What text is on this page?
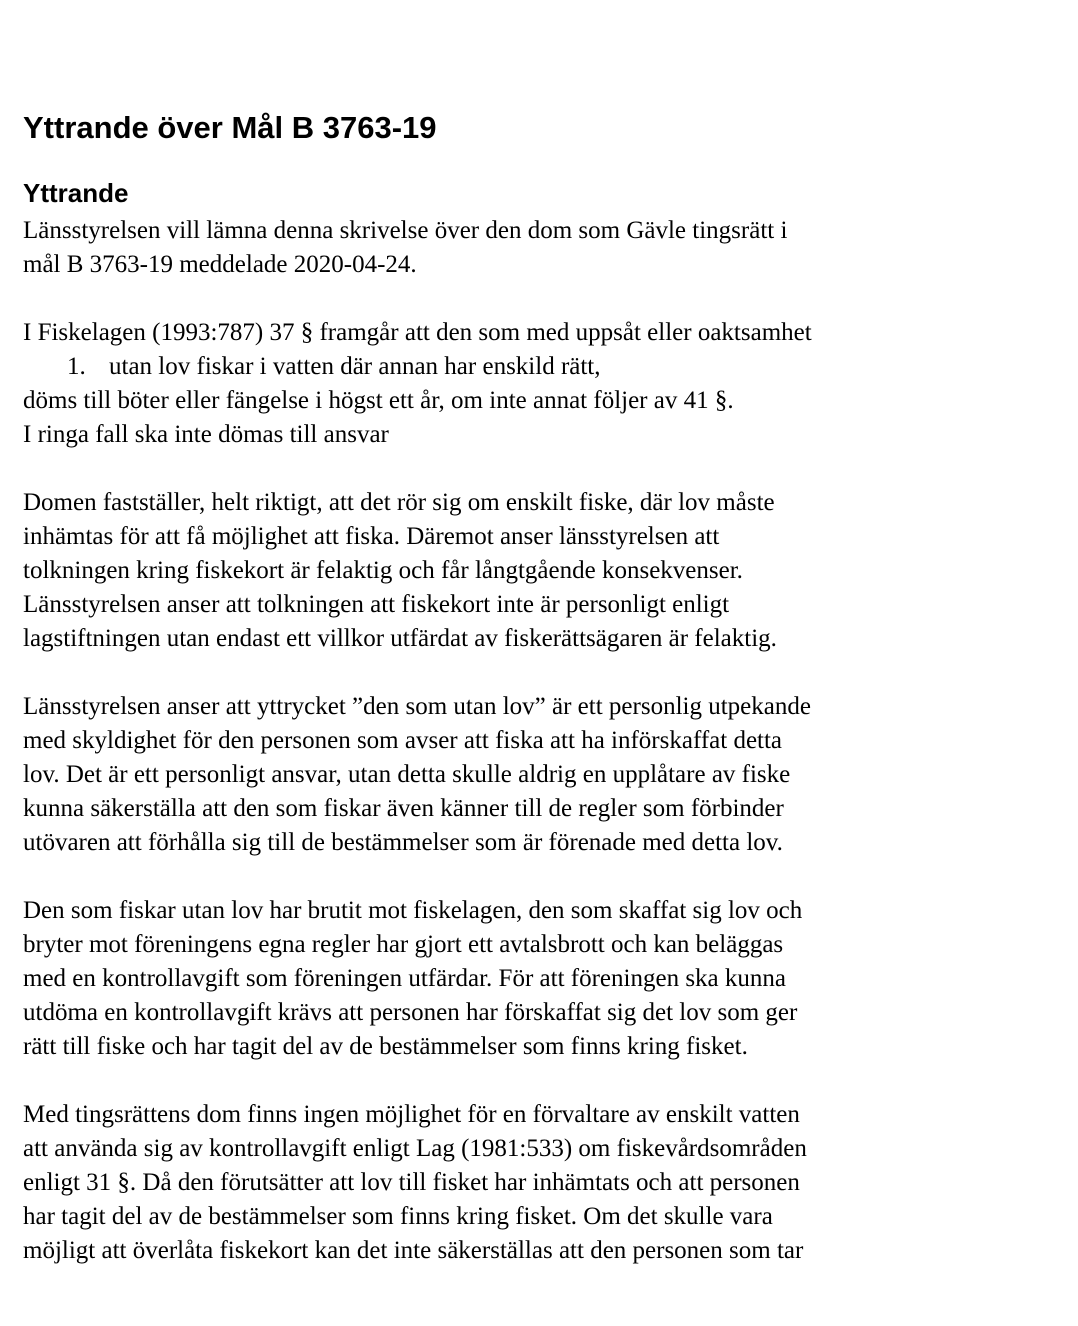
Yttrande över Mål B 3763-19
Yttrande

Länsstyrelsen vill lämna denna skrivelse över den dom som Gävle tingsrätt i
mål B 3763-19 meddelade 2020-04-24.

I Fiskelagen (1993:787) 37 § framgår att den som med uppsåt eller oaktsamhet
1. utan lov fiskar i vatten där annan har enskild rätt,
döms till böter eller fängelse i högst ett år, om inte annat följer av 41 §.
I ringa fall ska inte dömas till ansvar

Domen fastställer, helt riktigt, att det rör sig om enskilt fiske, där lov måste
inhämtas för att få möjlighet att fiska. Däremot anser länsstyrelsen att
tolkningen kring fiskekort är felaktig och får långtgående konsekvenser.
Länsstyrelsen anser att tolkningen att fiskekort inte är personligt enligt
lagstiftningen utan endast ett villkor utfärdat av fiskerättsägaren är felaktig.

Länsstyrelsen anser att yttrycket ”den som utan lov” är ett personlig utpekande
med skyldighet för den personen som avser att fiska att ha införskaffat detta
lov. Det är ett personligt ansvar, utan detta skulle aldrig en upplåtare av fiske
kunna säkerställa att den som fiskar även känner till de regler som förbinder
utövaren att förhålla sig till de bestämmelser som är förenade med detta lov.

Den som fiskar utan lov har brutit mot fiskelagen, den som skaffat sig lov och
bryter mot föreningens egna regler har gjort ett avtalsbrott och kan beläggas
med en kontrollavgift som föreningen utfärdar. För att föreningen ska kunna
utdöma en kontrollavgift krävs att personen har förskaffat sig det lov som ger
rätt till fiske och har tagit del av de bestämmelser som finns kring fisket.

Med tingsrättens dom finns ingen möjlighet för en förvaltare av enskilt vatten
att använda sig av kontrollavgift enligt Lag (1981:533) om fiskevårdsområden
enligt 31 §. Då den förutsätter att lov till fisket har inhämtats och att personen
har tagit del av de bestämmelser som finns kring fisket. Om det skulle vara
möjligt att överlåta fiskekort kan det inte säkerställas att den personen som tar
